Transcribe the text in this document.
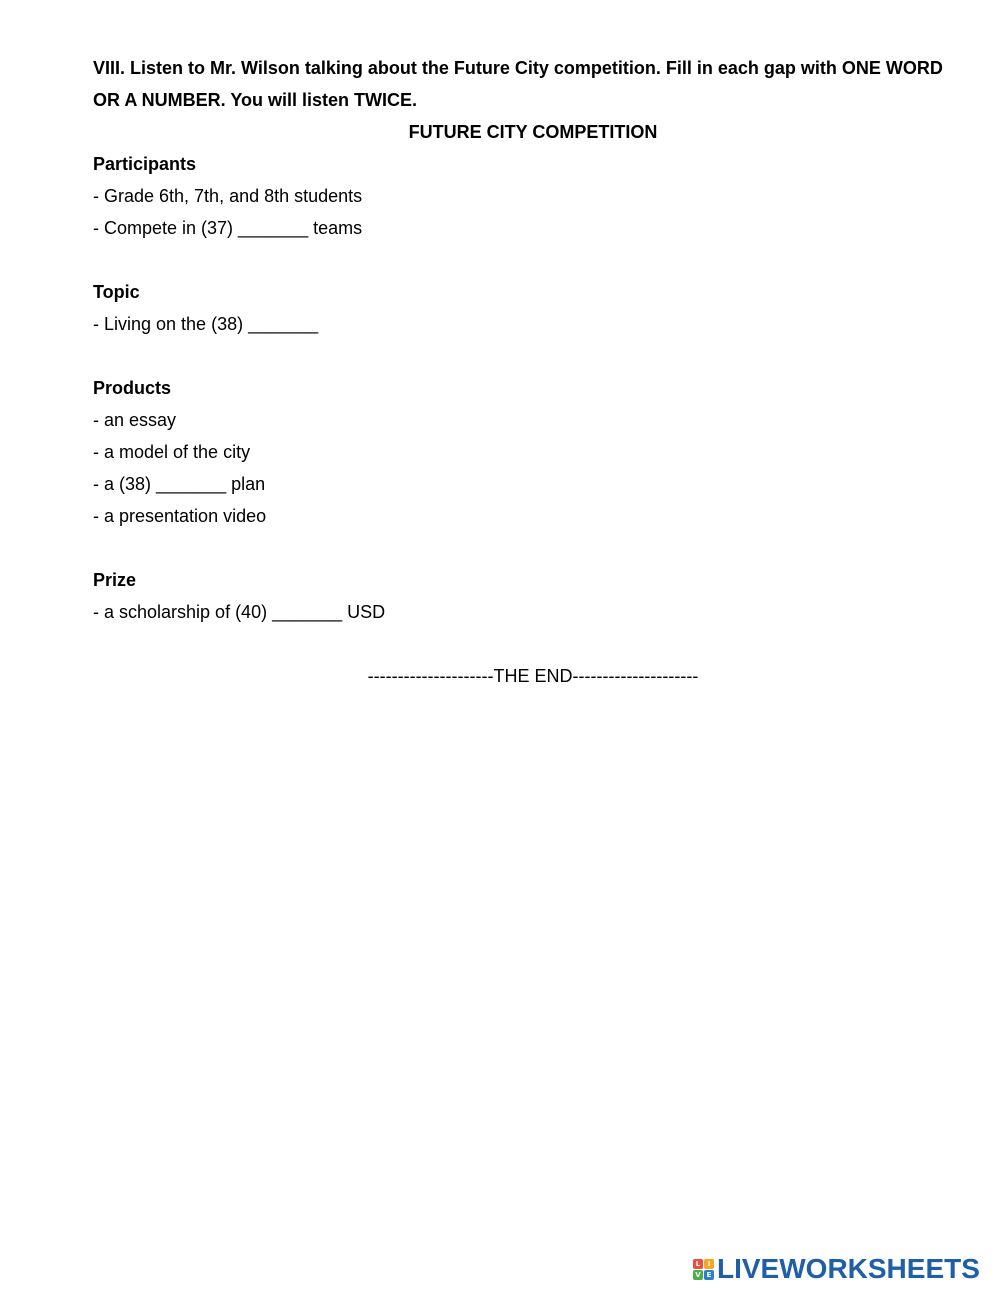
VIII. Listen to Mr. Wilson talking about the Future City competition. Fill in each gap with ONE WORD OR A NUMBER. You will listen TWICE.

FUTURE CITY COMPETITION

Participants

- Grade 6th, 7th, and 8th students

- Compete in (37) _______ teams

Topic

- Living on the (38) _______

Products

- an essay

- a model of the city

- a (38) _______ plan

- a presentation video

Prize

- a scholarship of (40) _______ USD

---------------------THE END---------------------

L	I
V E LIVEWORKSHEETS
